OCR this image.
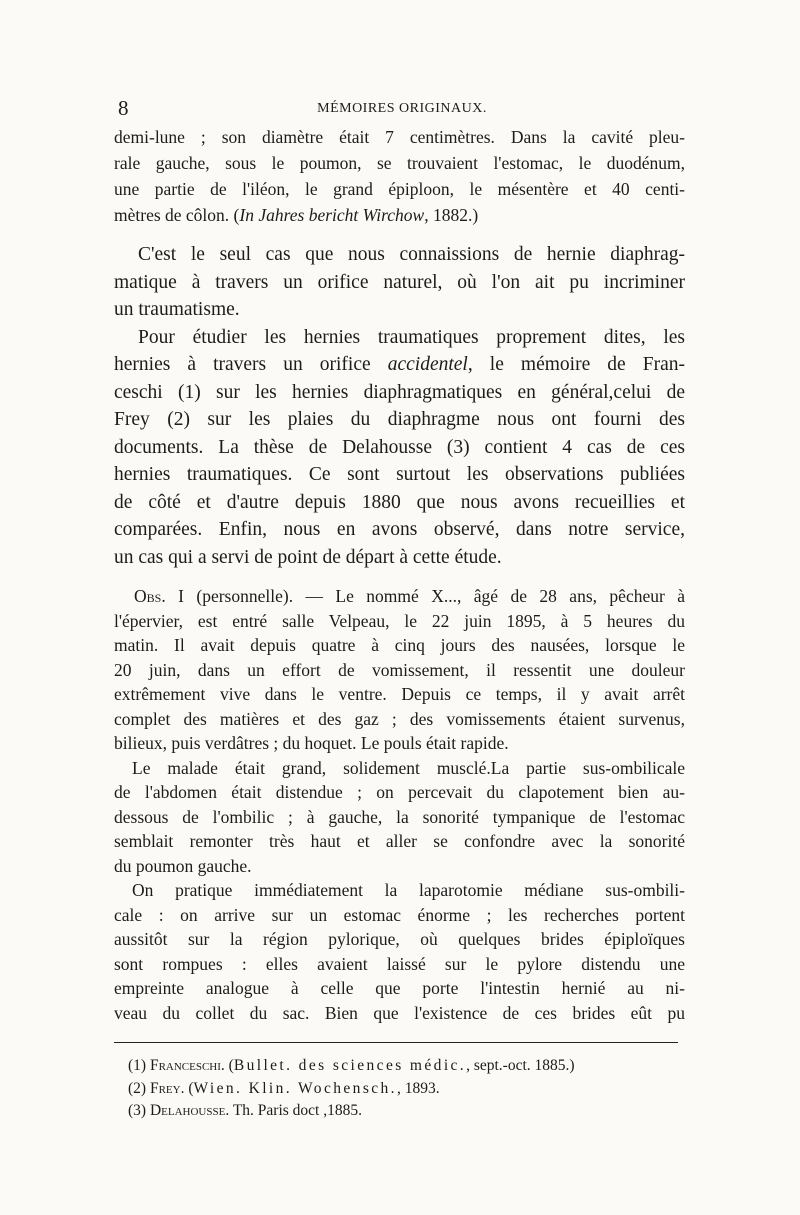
8	MÉMOIRES ORIGINAUX.
demi-lune ; son diamètre était 7 centimètres. Dans la cavité pleu-
rale gauche, sous le poumon, se trouvaient l'estomac, le duodénum,
une partie de l'iléon, le grand épiploon, le mésentère et 40 centi-
mètres de côlon. (In Jahres bericht Wirchow, 1882.)
C'est le seul cas que nous connaissions de hernie diaphrag-
matique à travers un orifice naturel, où l'on ait pu incriminer
un traumatisme.
Pour étudier les hernies traumatiques proprement dites, les
hernies à travers un orifice accidentel, le mémoire de Fran-
ceschi (1) sur les hernies diaphragmatiques en général,celui de
Frey (2) sur les plaies du diaphragme nous ont fourni des
documents. La thèse de Delahousse (3) contient 4 cas de ces
hernies traumatiques. Ce sont surtout les observations publiées
de côté et d'autre depuis 1880 que nous avons recueillies et
comparées. Enfin, nous en avons observé, dans notre service,
un cas qui a servi de point de départ à cette étude.
Obs. I (personnelle). — Le nommé X..., âgé de 28 ans, pêcheur à
l'épervier, est entré salle Velpeau, le 22 juin 1895, à 5 heures du
matin. Il avait depuis quatre à cinq jours des nausées, lorsque le
20 juin, dans un effort de vomissement, il ressentit une douleur
extrêmement vive dans le ventre. Depuis ce temps, il y avait arrêt
complet des matières et des gaz ; des vomissements étaient survenus,
bilieux, puis verdâtres ; du hoquet. Le pouls était rapide.
Le malade était grand, solidement musclé.La partie sus-ombilicale
de l'abdomen était distendue ; on percevait du clapotement bien au-
dessous de l'ombilic ; à gauche, la sonorité tympanique de l'estomac
semblait remonter très haut et aller se confondre avec la sonorité
du poumon gauche.
On pratique immédiatement la laparotomie médiane sus-ombili-
cale : on arrive sur un estomac énorme ; les recherches portent
aussitôt sur la région pylorique, où quelques brides épiploïques
sont rompues : elles avaient laissé sur le pylore distendu une
empreinte analogue à celle que porte l'intestin hernié au ni-
veau du collet du sac. Bien que l'existence de ces brides eût pu
(1) Franceschi. (Bullet. des sciences médic., sept.-oct. 1885.)
(2) Frey. (Wien. Klin. Wochensch., 1893.
(3) Delahousse. Th. Paris doct ,1885.
